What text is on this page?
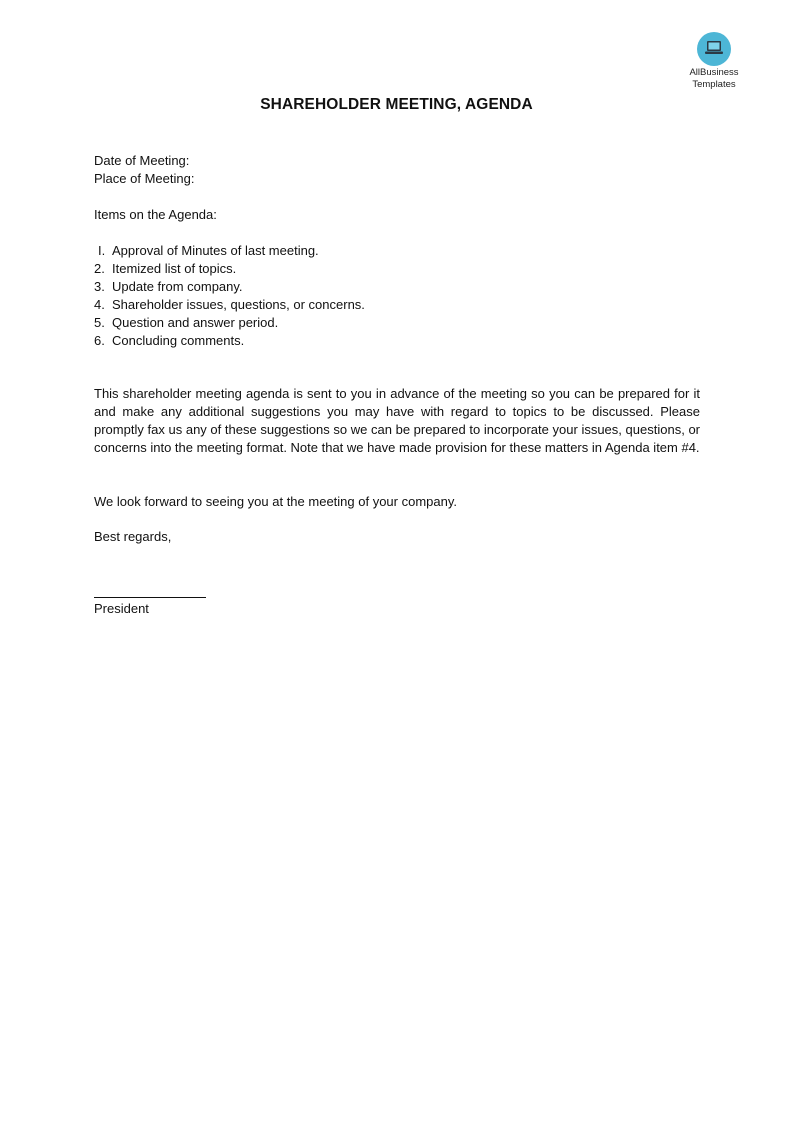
AllBusiness
Templates
SHAREHOLDER MEETING, AGENDA
Date of Meeting:
Place of Meeting:
Items on the Agenda:
I. Approval of Minutes of last meeting.
2. Itemized list of topics.
3. Update from company.
4. Shareholder issues, questions, or concerns.
5. Question and answer period.
6. Concluding comments.

This shareholder meeting agenda is sent to you in advance of the meeting so you can be prepared for it and make any additional suggestions you may have with regard to topics to be discussed. Please promptly fax us any of these suggestions so we can be prepared to incorporate your issues, questions, or concerns into the meeting format. Note that we have made provision for these matters in Agenda item #4.

We look forward to seeing you at the meeting of your company.

Best regards,

President
